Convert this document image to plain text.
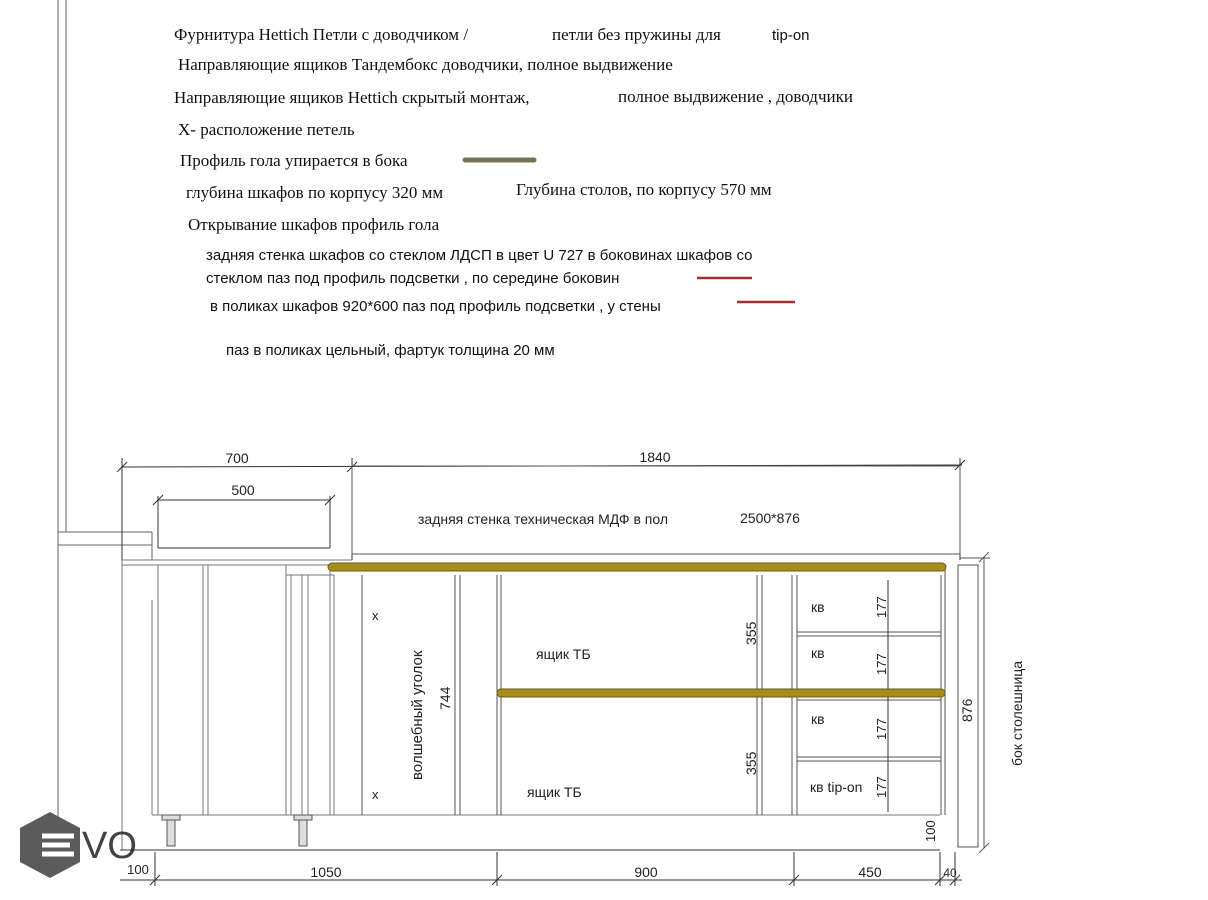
Фурнитура Hettich Петли с доводчиком /	петли без пружины для	tip-on
Направляющие ящиков Тандембокс доводчики, полное выдвижение
Направляющие ящиков Hettich скрытый монтаж,	полное выдвижение , доводчики
Х- расположение петель
Профиль гола упирается в бока
глубина шкафов по корпусу 320 мм	Глубина столов, по корпусу 570 мм
Открывание шкафов профиль гола
задняя стенка шкафов со стеклом ЛДСП в цвет U 727 в боковинах шкафов со
стеклом паз под профиль подсветки , по середине боковин
в поликах шкафов 920*600 паз под профиль подсветки , у стены
паз в поликах цельный, фартук толщина 20 мм
700	1840
500
задняя стенка техническая МДФ в пол	2500*876
х
х
волшебный уголок 744
ящик ТБ
ящик ТБ
355
355
кв
кв
кв
кв tip-on
177
177
177
177
876 бок столешница
100
100	1050	900	450	40
VO
